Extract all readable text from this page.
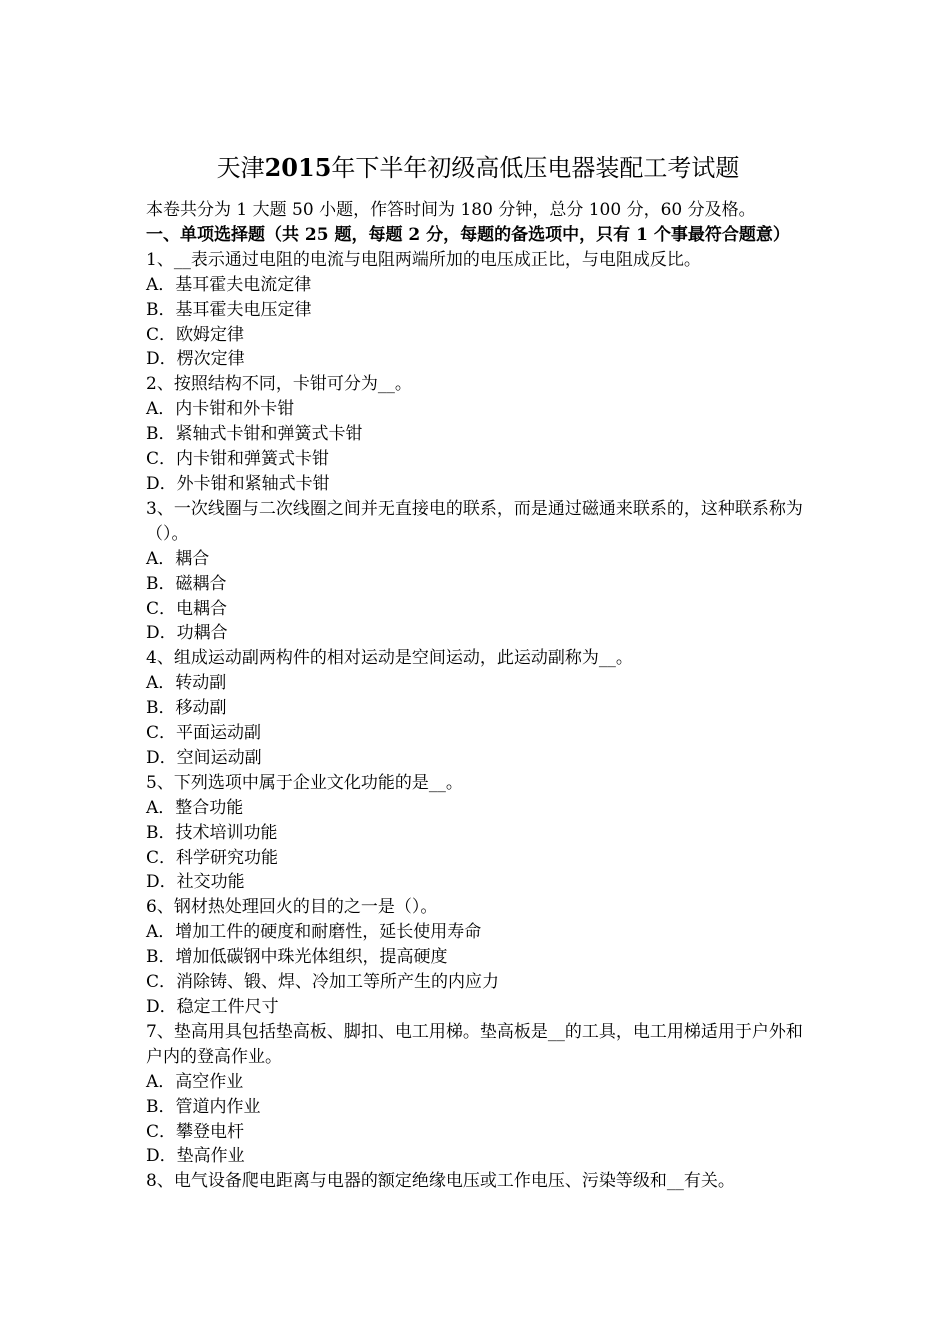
天津2015年下半年初级高低压电器装配工考试题
本卷共分为 1 大题 50 小题，作答时间为 180 分钟，总分 100 分，60 分及格。
一、单项选择题（共 25 题，每题 2 分，每题的备选项中，只有 1 个事最符合题意）
1、__表示通过电阻的电流与电阻两端所加的电压成正比，与电阻成反比。
A．基耳霍夫电流定律
B．基耳霍夫电压定律
C．欧姆定律
D．楞次定律
2、按照结构不同，卡钳可分为__。
A．内卡钳和外卡钳
B．紧轴式卡钳和弹簧式卡钳
C．内卡钳和弹簧式卡钳
D．外卡钳和紧轴式卡钳
3、一次线圈与二次线圈之间并无直接电的联系，而是通过磁通来联系的，这种联系称为（）。
A．耦合
B．磁耦合
C．电耦合
D．功耦合
4、组成运动副两构件的相对运动是空间运动，此运动副称为__。
A．转动副
B．移动副
C．平面运动副
D．空间运动副
5、下列选项中属于企业文化功能的是__。
A．整合功能
B．技术培训功能
C．科学研究功能
D．社交功能
6、钢材热处理回火的目的之一是（）。
A．增加工件的硬度和耐磨性，延长使用寿命
B．增加低碳钢中珠光体组织，提高硬度
C．消除铸、锻、焊、冷加工等所产生的内应力
D．稳定工件尺寸
7、垫高用具包括垫高板、脚扣、电工用梯。垫高板是__的工具，电工用梯适用于户外和户内的登高作业。
A．高空作业
B．管道内作业
C．攀登电杆
D．垫高作业
8、电气设备爬电距离与电器的额定绝缘电压或工作电压、污染等级和__有关。
